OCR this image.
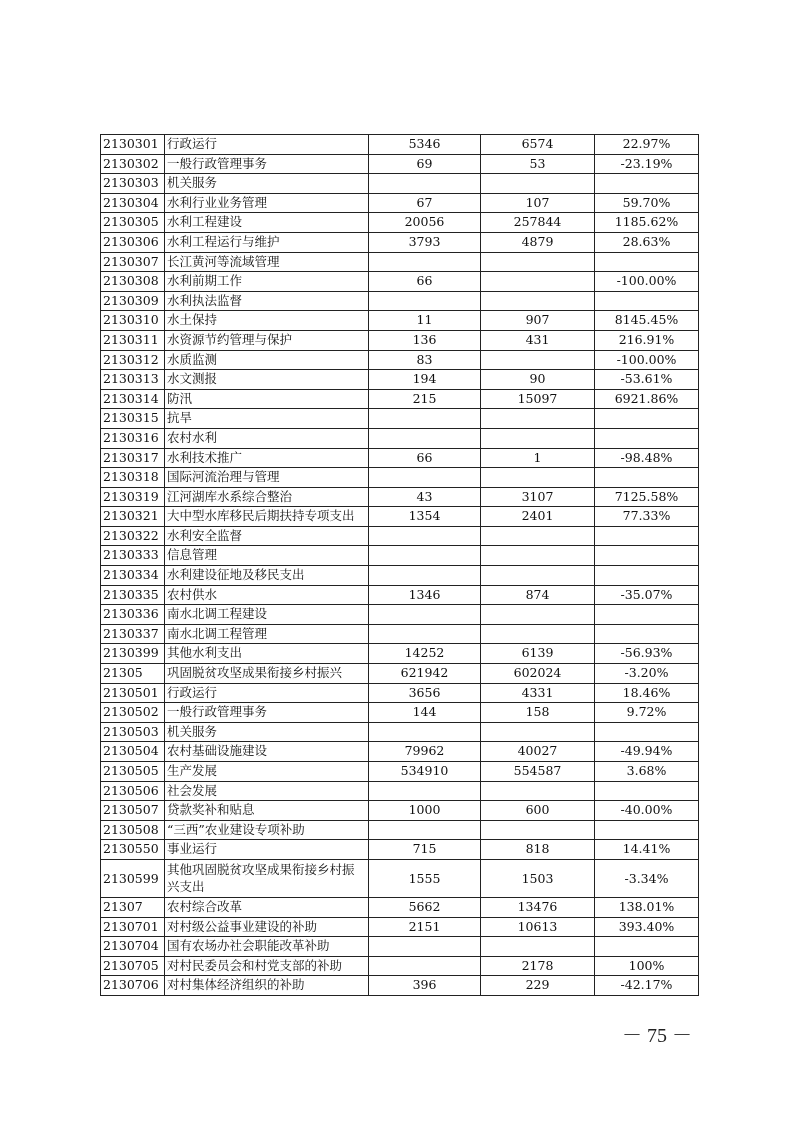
2130301	行政运行	5346	6574	22.97%
2130302	一般行政管理事务	69	53	-23.19%
2130303	机关服务			
2130304	水利行业业务管理	67	107	59.70%
2130305	水利工程建设	20056	257844	1185.62%
2130306	水利工程运行与维护	3793	4879	28.63%
2130307	长江黄河等流域管理			
2130308	水利前期工作	66		-100.00%
2130309	水利执法监督			
2130310	水土保持	11	907	8145.45%
2130311	水资源节约管理与保护	136	431	216.91%
2130312	水质监测	83		-100.00%
2130313	水文测报	194	90	-53.61%
2130314	防汛	215	15097	6921.86%
2130315	抗旱			
2130316	农村水利			
2130317	水利技术推广	66	1	-98.48%
2130318	国际河流治理与管理			
2130319	江河湖库水系综合整治	43	3107	7125.58%
2130321	大中型水库移民后期扶持专项支出	1354	2401	77.33%
2130322	水利安全监督			
2130333	信息管理			
2130334	水利建设征地及移民支出			
2130335	农村供水	1346	874	-35.07%
2130336	南水北调工程建设			
2130337	南水北调工程管理			
2130399	其他水利支出	14252	6139	-56.93%
21305	巩固脱贫攻坚成果衔接乡村振兴	621942	602024	-3.20%
2130501	行政运行	3656	4331	18.46%
2130502	一般行政管理事务	144	158	9.72%
2130503	机关服务			
2130504	农村基础设施建设	79962	40027	-49.94%
2130505	生产发展	534910	554587	3.68%
2130506	社会发展			
2130507	贷款奖补和贴息	1000	600	-40.00%
2130508	“三西”农业建设专项补助			
2130550	事业运行	715	818	14.41%
2130599	其他巩固脱贫攻坚成果衔接乡村振兴支出	1555	1503	-3.34%
21307	农村综合改革	5662	13476	138.01%
2130701	对村级公益事业建设的补助	2151	10613	393.40%
2130704	国有农场办社会职能改革补助			
2130705	对村民委员会和村党支部的补助		2178	100%
2130706	对村集体经济组织的补助	396	229	-42.17%
－ 75 －
